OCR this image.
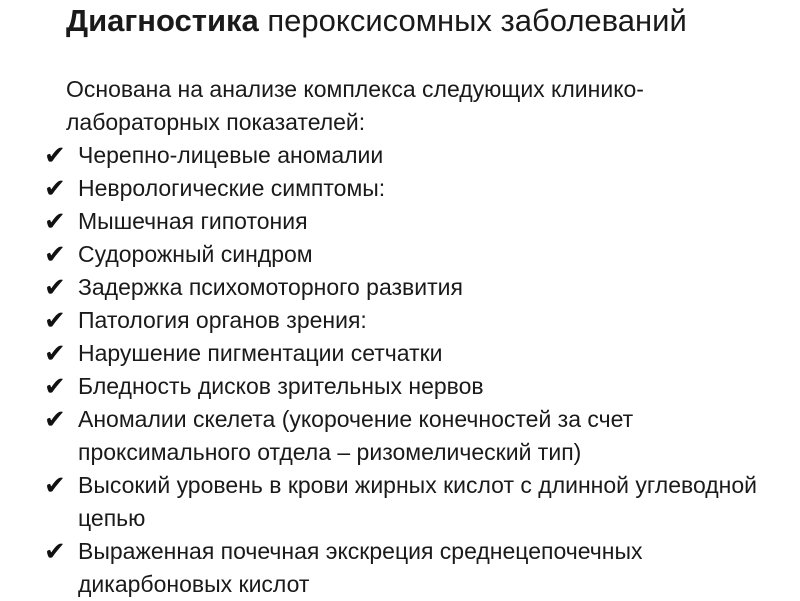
Диагностика пероксисомных заболеваний

Основана на анализе комплекса следующих клинико-лабораторных показателей:

✔ Черепно-лицевые аномалии
✔ Неврологические симптомы:
✔ Мышечная гипотония
✔ Судорожный синдром
✔ Задержка психомоторного развития
✔ Патология органов зрения:
✔ Нарушение пигментации сетчатки
✔ Бледность дисков зрительных нервов
✔ Аномалии скелета (укорочение конечностей за счет проксимального отдела – ризомелический тип)
✔ Высокий уровень в крови жирных кислот с длинной углеводной цепью
✔ Выраженная почечная экскреция среднецепочечных дикарбоновых кислот
